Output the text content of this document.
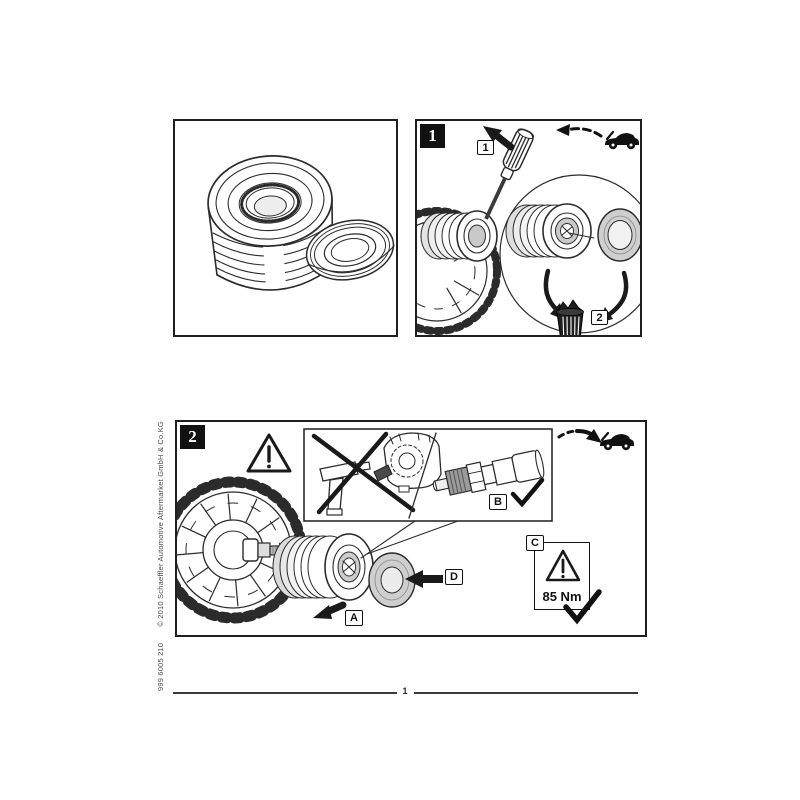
1
1
2
2
A
B
D
85 Nm
C
999 6005 210
© 2010 Schaeffler Automotive Aftermarket GmbH & Co.KG
1
